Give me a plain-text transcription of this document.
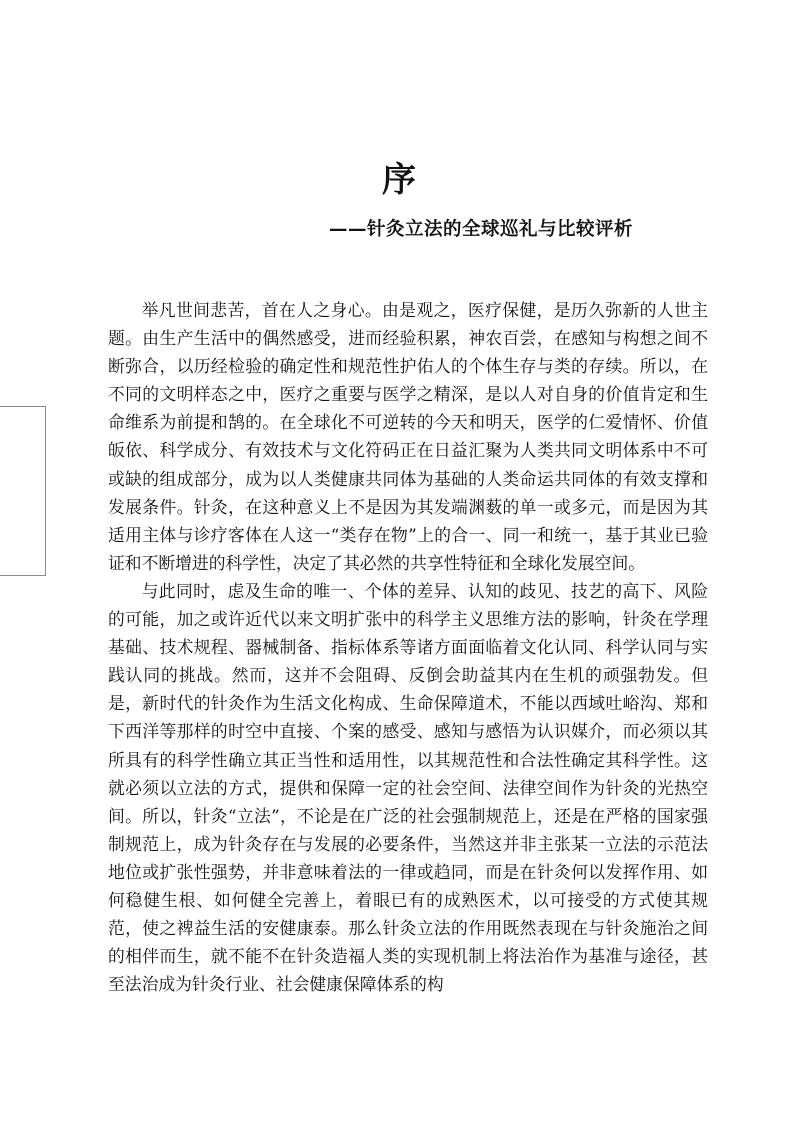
序
——针灸立法的全球巡礼与比较评析

举凡世间悲苦，首在人之身心。由是观之，医疗保健，是历久弥新的人世主题。由生产生活中的偶然感受，进而经验积累，神农百尝，在感知与构想之间不断弥合，以历经检验的确定性和规范性护佑人的个体生存与类的存续。所以，在不同的文明样态之中，医疗之重要与医学之精深，是以人对自身的价值肯定和生命维系为前提和鹄的。在全球化不可逆转的今天和明天，医学的仁爱情怀、价值皈依、科学成分、有效技术与文化符码正在日益汇聚为人类共同文明体系中不可或缺的组成部分，成为以人类健康共同体为基础的人类命运共同体的有效支撑和发展条件。针灸，在这种意义上不是因为其发端渊薮的单一或多元，而是因为其适用主体与诊疗客体在人这一“类存在物”上的合一、同一和统一，基于其业已验证和不断增进的科学性，决定了其必然的共享性特征和全球化发展空间。

与此同时，虑及生命的唯一、个体的差异、认知的歧见、技艺的高下、风险的可能，加之或许近代以来文明扩张中的科学主义思维方法的影响，针灸在学理基础、技术规程、器械制备、指标体系等诸方面面临着文化认同、科学认同与实践认同的挑战。然而，这并不会阻碍、反倒会助益其内在生机的顽强勃发。但是，新时代的针灸作为生活文化构成、生命保障道术，不能以西域吐峪沟、郑和下西洋等那样的时空中直接、个案的感受、感知与感悟为认识媒介，而必须以其所具有的科学性确立其正当性和适用性，以其规范性和合法性确定其科学性。这就必须以立法的方式，提供和保障一定的社会空间、法律空间作为针灸的光热空间。所以，针灸“立法”，不论是在广泛的社会强制规范上，还是在严格的国家强制规范上，成为针灸存在与发展的必要条件，当然这并非主张某一立法的示范法地位或扩张性强势，并非意味着法的一律或趋同，而是在针灸何以发挥作用、如何稳健生根、如何健全完善上，着眼已有的成熟医术，以可接受的方式使其规范，使之裨益生活的安健康泰。那么针灸立法的作用既然表现在与针灸施治之间的相伴而生，就不能不在针灸造福人类的实现机制上将法治作为基准与途径，甚至法治成为针灸行业、社会健康保障体系的构
